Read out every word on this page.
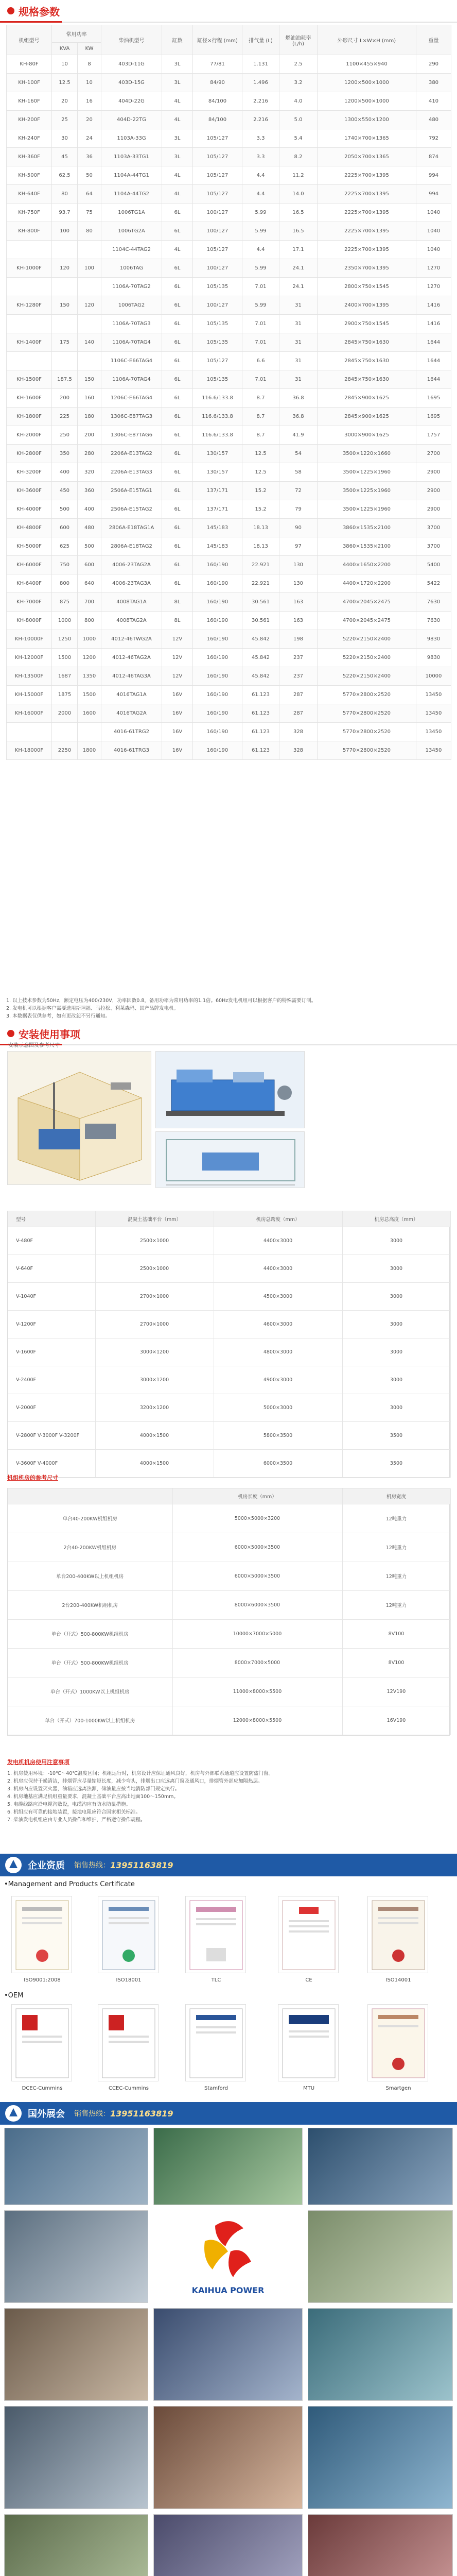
规格参数
机组型号	常用功率		柴油机型号	缸数	缸径×行程 (mm)	排气量 (L)	燃油油耗率 (L/h)	外形尺寸 L×W×H (mm)	重量
	KVA	KW							
KH-80F	10	8	403D-11G	3L	77/81	1.131	2.5	1100×455×940	290
KH-100F	12.5	10	403D-15G	3L	84/90	1.496	3.2	1200×500×1000	380
KH-160F	20	16	404D-22G	4L	84/100	2.216	4.0	1200×500×1000	410
KH-200F	25	20	404D-22TG	4L	84/100	2.216	5.0	1300×550×1200	480
KH-240F	30	24	1103A-33G	3L	105/127	3.3	5.4	1740×700×1365	792
KH-360F	45	36	1103A-33TG1	3L	105/127	3.3	8.2	2050×700×1365	874
KH-500F	62.5	50	1104A-44TG1	4L	105/127	4.4	11.2	2225×700×1395	994
KH-640F	80	64	1104A-44TG2	4L	105/127	4.4	14.0	2225×700×1395	994
KH-750F	93.7	75	1006TG1A	6L	100/127	5.99	16.5	2225×700×1395	1040
KH-800F	100	80	1006TG2A	6L	100/127	5.99	16.5	2225×700×1395	1040
			1104C-44TAG2	4L	105/127	4.4	17.1	2225×700×1395	1040
KH-1000F	120	100	1006TAG	6L	100/127	5.99	24.1	2350×700×1395	1270
			1106A-70TAG2	6L	105/135	7.01	24.1	2800×750×1545	1270
KH-1280F	150	120	1006TAG2	6L	100/127	5.99	31	2400×700×1395	1416
			1106A-70TAG3	6L	105/135	7.01	31	2900×750×1545	1416
KH-1400F	175	140	1106A-70TAG4	6L	105/135	7.01	31	2845×750×1630	1644
			1106C-E66TAG4	6L	105/127	6.6	31	2845×750×1630	1644
KH-1500F	187.5	150	1106A-70TAG4	6L	105/135	7.01	31	2845×750×1630	1644
KH-1600F	200	160	1206C-E66TAG4	6L	116.6/133.8	8.7	36.8	2845×900×1625	1695
KH-1800F	225	180	1306C-E87TAG3	6L	116.6/133.8	8.7	36.8	2845×900×1625	1695
KH-2000F	250	200	1306C-E87TAG6	6L	116.6/133.8	8.7	41.9	3000×900×1625	1757
KH-2800F	350	280	2206A-E13TAG2	6L	130/157	12.5	54	3500×1220×1660	2700
KH-3200F	400	320	2206A-E13TAG3	6L	130/157	12.5	58	3500×1225×1960	2900
KH-3600F	450	360	2506A-E15TAG1	6L	137/171	15.2	72	3500×1225×1960	2900
KH-4000F	500	400	2506A-E15TAG2	6L	137/171	15.2	79	3500×1225×1960	2900
KH-4800F	600	480	2806A-E18TAG1A	6L	145/183	18.13	90	3860×1535×2100	3700
KH-5000F	625	500	2806A-E18TAG2	6L	145/183	18.13	97	3860×1535×2100	3700
KH-6000F	750	600	4006-23TAG2A	6L	160/190	22.921	130	4400×1650×2200	5400
KH-6400F	800	640	4006-23TAG3A	6L	160/190	22.921	130	4400×1720×2200	5422
KH-7000F	875	700	4008TAG1A	8L	160/190	30.561	163	4700×2045×2475	7630
KH-8000F	1000	800	4008TAG2A	8L	160/190	30.561	163	4700×2045×2475	7630
KH-10000F	1250	1000	4012-46TWG2A	12V	160/190	45.842	198	5220×2150×2400	9830
KH-12000F	1500	1200	4012-46TAG2A	12V	160/190	45.842	237	5220×2150×2400	9830
KH-13500F	1687	1350	4012-46TAG3A	12V	160/190	45.842	237	5220×2150×2400	10000
KH-15000F	1875	1500	4016TAG1A	16V	160/190	61.123	287	5770×2800×2520	13450
KH-16000F	2000	1600	4016TAG2A	16V	160/190	61.123	287	5770×2800×2520	13450
			4016-61TRG2	16V	160/190	61.123	328	5770×2800×2520	13450
KH-18000F	2250	1800	4016-61TRG3	16V	160/190	61.123	328	5770×2800×2520	13450
1. 以上技术参数为50Hz，额定电压为400/230V，功率因数0.8，备用功率为常用功率的1.1倍。60Hz发电机组可以根据客户的特殊需要订制。
2. 发电机可以根据客户需要选用斯坦福、马拉松、利莱森玛、国产品牌发电机。
3. 本数据表仅供参考，如有更改恕不另行通知。
安装使用事项
安装示意图及参考尺寸
型号	混凝土基础平台（mm）	机房总跨度（mm）	机房总高度（mm）
V-480F	2500×1000	4400×3000	3000
V-640F	2500×1000	4400×3000	3000
V-1040F	2700×1000	4500×3000	3000
V-1200F	2700×1000	4600×3000	3000
V-1600F	3000×1200	4800×3000	3000
V-2400F	3000×1200	4900×3000	3000
V-2000F	3200×1200	5000×3000	3000
V-2800F V-3000F V-3200F	4000×1500	5800×3500	3500
V-3600F V-4000F	4000×1500	6000×3500	3500
机组机房的参考尺寸
	机房长度（mm）	机房宽度
单台40-200KW机组机房	5000×5000×3200	12吨重力
2台40-200KW机组机房	6000×5000×3500	12吨重力
单台200-400KW以上机组机房	6000×5000×3500	12吨重力
2台200-400KW机组机房	8000×6000×3500	12吨重力
单台（开式）500-800KW机组机房	10000×7000×5000	8V100
单台（开式）500-800KW机组机房	8000×7000×5000	8V100
单台（开式）1000KW以上机组机房	11000×8000×5500	12V190
单台（开式）700-1000KW以上机组机房	12000×8000×5500	16V190
发电机机房使用注意事项
1. 机房使用环境：-10℃～40℃温度区间；机组运行时，机房设计应保证通风良好，机房与外部联系通道应设置防盗门窗。
2. 机房应保持干燥清洁，排烟管应尽量缩短长度，减少弯头，排烟出口应远离门窗及通风口，排烟管外部应加隔热层。
3. 机房内应设置灭火器，油箱应远离热源，储油量应按当地消防部门规定执行。
4. 机房地基应满足机组重量要求，混凝土基础平台应高出地面100～150mm。
5. 电缆线路应沿电缆沟敷设，电缆沟应有防水防鼠措施。
6. 机组应有可靠的接地装置，接地电阻应符合国家相关标准。
7. 柴油发电机组应由专业人员操作和维护，严格遵守操作规程。
企业资质 销售热线： 13951163819
•Management and Products Certificate
ISO9001:2008	ISO18001	TLC	CE	ISO14001
•OEM
DCEC-Cummins	CCEC-Cummins	Stamford	MTU	Smartgen
国外展会 销售热线： 13951163819
KAIHUA POWER
